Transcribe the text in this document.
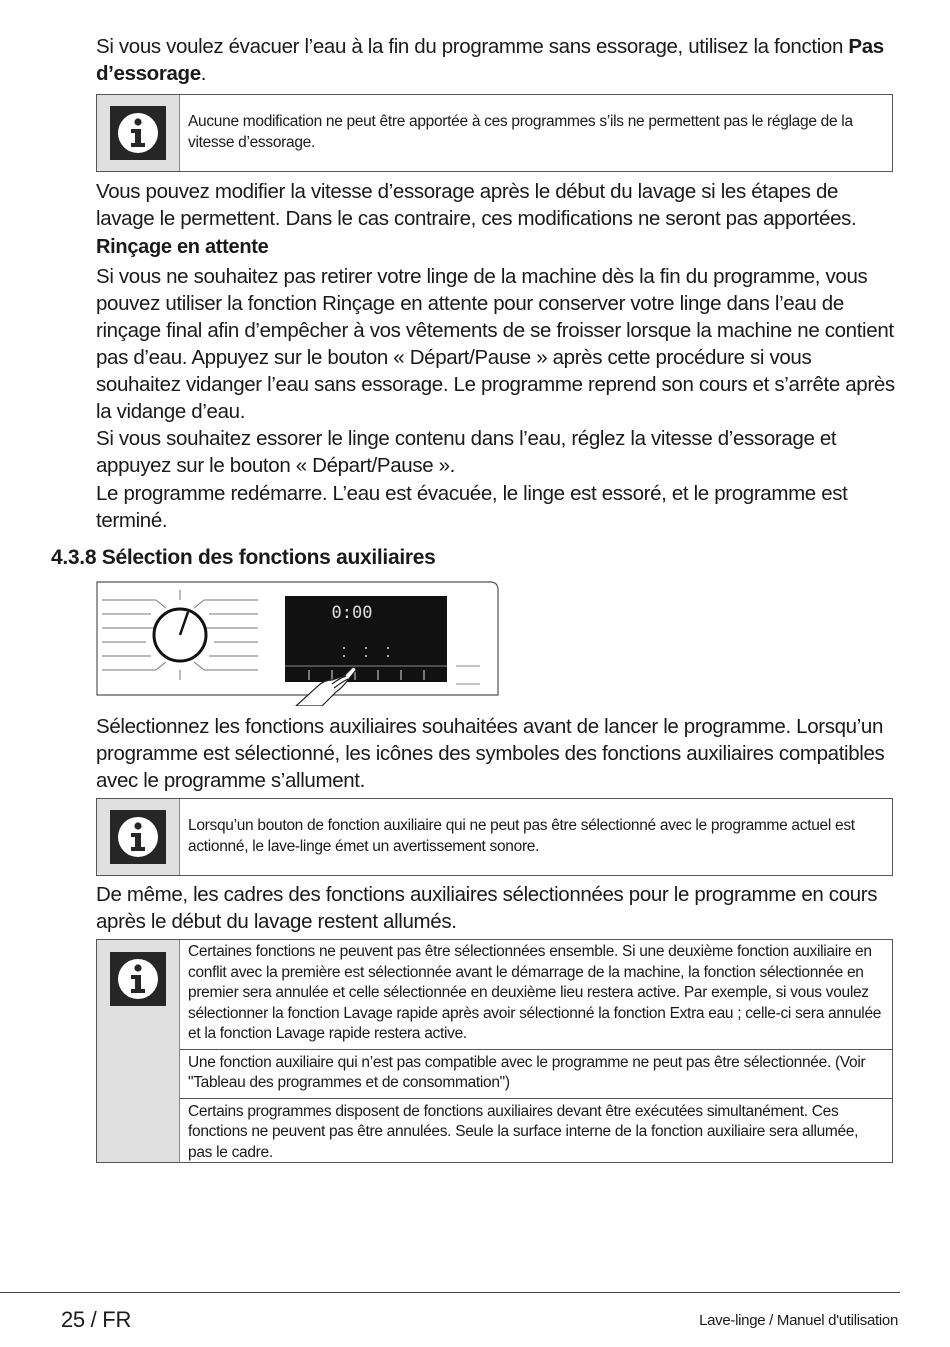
Si vous voulez évacuer l’eau à la fin du programme sans essorage, utilisez la fonction Pas d’essorage.

Aucune modification ne peut être apportée à ces programmes s’ils ne permettent pas le réglage de la vitesse d’essorage.

Vous pouvez modifier la vitesse d’essorage après le début du lavage si les étapes de lavage le permettent. Dans le cas contraire, ces modifications ne seront pas apportées.

Rinçage en attente

Si vous ne souhaitez pas retirer votre linge de la machine dès la fin du programme, vous pouvez utiliser la fonction Rinçage en attente pour conserver votre linge dans l’eau de rinçage final afin d’empêcher à vos vêtements de se froisser lorsque la machine ne contient pas d’eau. Appuyez sur le bouton « Départ/Pause » après cette procédure si vous souhaitez vidanger l’eau sans essorage. Le programme reprend son cours et s’arrête après la vidange d’eau.

Si vous souhaitez essorer le linge contenu dans l’eau, réglez la vitesse d’essorage et appuyez sur le bouton « Départ/Pause ».

Le programme redémarre. L’eau est évacuée, le linge est essoré, et le programme est terminé.

4.3.8 Sélection des fonctions auxiliaires

0:00

Sélectionnez les fonctions auxiliaires souhaitées avant de lancer le programme. Lorsqu’un programme est sélectionné, les icônes des symboles des fonctions auxiliaires compatibles avec le programme s’allument.

Lorsqu’un bouton de fonction auxiliaire qui ne peut pas être sélectionné avec le programme actuel est actionné, le lave-linge émet un avertissement sonore.

De même, les cadres des fonctions auxiliaires sélectionnées pour le programme en cours après le début du lavage restent allumés.

Certaines fonctions ne peuvent pas être sélectionnées ensemble. Si une deuxième fonction auxiliaire en conflit avec la première est sélectionnée avant le démarrage de la machine, la fonction sélectionnée en premier sera annulée et celle sélectionnée en deuxième lieu restera active. Par exemple, si vous voulez sélectionner la fonction Lavage rapide après avoir sélectionné la fonction Extra eau ; celle-ci sera annulée et la fonction Lavage rapide restera active.

Une fonction auxiliaire qui n’est pas compatible avec le programme ne peut pas être sélectionnée. (Voir "Tableau des programmes et de consommation")

Certains programmes disposent de fonctions auxiliaires devant être exécutées simultanément. Ces fonctions ne peuvent pas être annulées. Seule la surface interne de la fonction auxiliaire sera allumée, pas le cadre.

25 / FR	Lave-linge / Manuel d'utilisation
